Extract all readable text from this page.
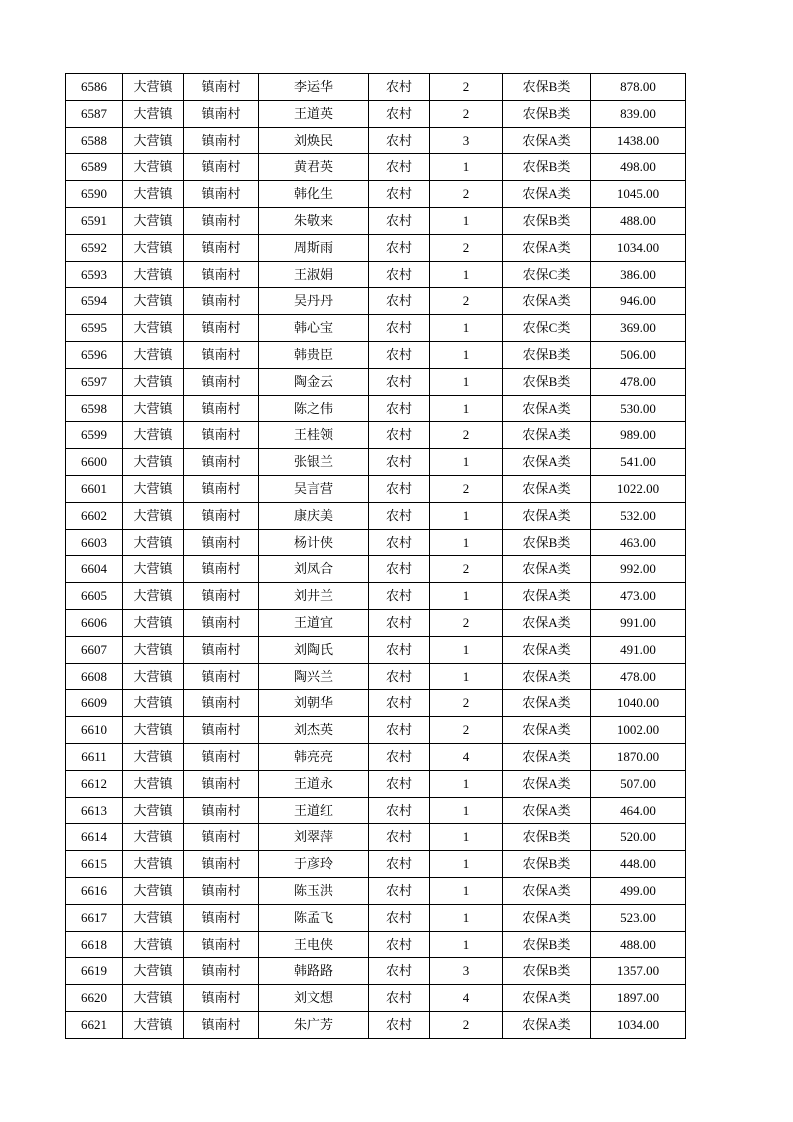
6586	大营镇	镇南村	李运华	农村	2	农保B类	878.00
6587	大营镇	镇南村	王道英	农村	2	农保B类	839.00
6588	大营镇	镇南村	刘焕民	农村	3	农保A类	1438.00
6589	大营镇	镇南村	黄君英	农村	1	农保B类	498.00
6590	大营镇	镇南村	韩化生	农村	2	农保A类	1045.00
6591	大营镇	镇南村	朱敬来	农村	1	农保B类	488.00
6592	大营镇	镇南村	周斯雨	农村	2	农保A类	1034.00
6593	大营镇	镇南村	王淑娟	农村	1	农保C类	386.00
6594	大营镇	镇南村	吴丹丹	农村	2	农保A类	946.00
6595	大营镇	镇南村	韩心宝	农村	1	农保C类	369.00
6596	大营镇	镇南村	韩贵臣	农村	1	农保B类	506.00
6597	大营镇	镇南村	陶金云	农村	1	农保B类	478.00
6598	大营镇	镇南村	陈之伟	农村	1	农保A类	530.00
6599	大营镇	镇南村	王桂领	农村	2	农保A类	989.00
6600	大营镇	镇南村	张银兰	农村	1	农保A类	541.00
6601	大营镇	镇南村	吴言营	农村	2	农保A类	1022.00
6602	大营镇	镇南村	康庆美	农村	1	农保A类	532.00
6603	大营镇	镇南村	杨计侠	农村	1	农保B类	463.00
6604	大营镇	镇南村	刘凤合	农村	2	农保A类	992.00
6605	大营镇	镇南村	刘井兰	农村	1	农保A类	473.00
6606	大营镇	镇南村	王道宜	农村	2	农保A类	991.00
6607	大营镇	镇南村	刘陶氏	农村	1	农保A类	491.00
6608	大营镇	镇南村	陶兴兰	农村	1	农保A类	478.00
6609	大营镇	镇南村	刘朝华	农村	2	农保A类	1040.00
6610	大营镇	镇南村	刘杰英	农村	2	农保A类	1002.00
6611	大营镇	镇南村	韩亮亮	农村	4	农保A类	1870.00
6612	大营镇	镇南村	王道永	农村	1	农保A类	507.00
6613	大营镇	镇南村	王道红	农村	1	农保A类	464.00
6614	大营镇	镇南村	刘翠萍	农村	1	农保B类	520.00
6615	大营镇	镇南村	于彦玲	农村	1	农保B类	448.00
6616	大营镇	镇南村	陈玉洪	农村	1	农保A类	499.00
6617	大营镇	镇南村	陈孟飞	农村	1	农保A类	523.00
6618	大营镇	镇南村	王电侠	农村	1	农保B类	488.00
6619	大营镇	镇南村	韩路路	农村	3	农保B类	1357.00
6620	大营镇	镇南村	刘文想	农村	4	农保A类	1897.00
6621	大营镇	镇南村	朱广芳	农村	2	农保A类	1034.00
